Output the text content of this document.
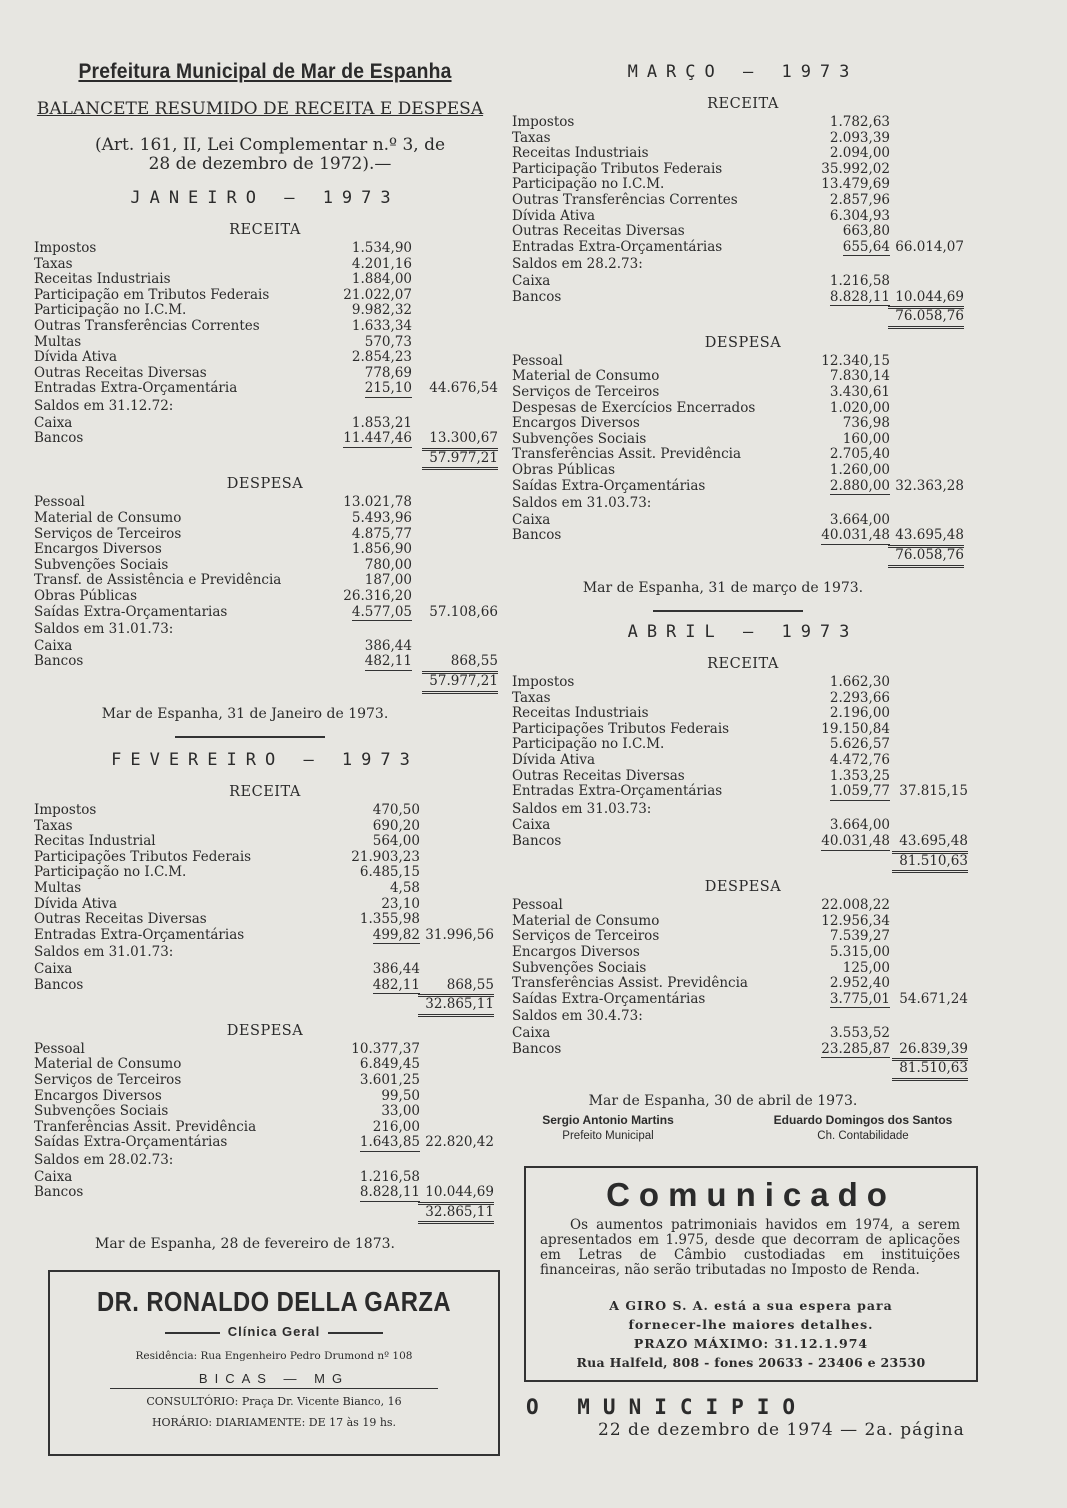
Prefeitura Municipal de Mar de Espanha
BALANCETE RESUMIDO DE RECEITA E DESPESA
(Art. 161, II, Lei Complementar n.º 3, de
28 de dezembro de 1972).—
DR. RONALDO DELLA GARZA
Clínica Geral
Residência: Rua Engenheiro Pedro Drumond nº 108
BICAS — MG
CONSULTÓRIO: Praça Dr. Vicente Bianco, 16
HORÁRIO: DIARIAMENTE: DE 17 às 19 hs.
JANEIRO — 1973
RECEITA
Impostos	1.534,90
Taxas	4.201,16
Receitas Industriais	1.884,00
Participação em Tributos Federais	21.022,07
Participação no I.C.M.	9.982,32
Outras Transferências Correntes	1.633,34
Multas	570,73
Dívida Ativa	2.854,23
Outras Receitas Diversas	778,69
Entradas Extra-Orçamentária	215,10 44.676,54
Saldos em 31.12.72:
Caixa	1.853,21
Bancos	11.447,46 13.300,67
57.977,21
DESPESA
Pessoal	13.021,78
Material de Consumo	5.493,96
Serviços de Terceiros	4.875,77
Encargos Diversos	1.856,90
Subvenções Sociais	780,00
Transf. de Assistência e Previdência	187,00
Obras Públicas	26.316,20
Saídas Extra-Orçamentarias	4.577,05 57.108,66
Saldos em 31.01.73:
Caixa	386,44
Bancos	482,11	868,55
57.977,21
Mar de Espanha, 31 de Janeiro de 1973.
FEVEREIRO — 1973
RECEITA
Impostos	470,50
Taxas	690,20
Recitas Industrial	564,00
Participações Tributos Federais	21.903,23
Participação no I.C.M.	6.485,15
Multas	4,58
Dívida Ativa	23,10
Outras Receitas Diversas	1.355,98
Entradas Extra-Orçamentárias	499,82 31.996,56
Saldos em 31.01.73:
Caixa	386,44
Bancos	482,11 868,55
32.865,11
DESPESA
Pessoal	10.377,37
Material de Consumo	6.849,45
Serviços de Terceiros	3.601,25
Encargos Diversos	99,50
Subvenções Sociais	33,00
Tranferências Assit. Previdência	216,00
Saídas Extra-Orçamentárias	1.643,85 22.820,42
Saldos em 28.02.73:
Caixa	1.216,58
Bancos	8.828,11 10.044,69
32.865,11
Mar de Espanha, 28 de fevereiro de 1873.
Sergio Antonio Martins
Prefeito Municipal
Eduardo Domingos dos Santos
Ch. Contabilidade
Comunicado
Os aumentos patrimoniais havidos em 1974, a serem apresentados em 1.975, desde que decorram de aplicações em Letras de Câmbio custodiadas em instituições financeiras, não serão tributadas no Imposto de Renda.
A GIRO S. A. está a sua espera para
fornecer-lhe maiores detalhes.
PRAZO MÁXIMO: 31.12.1.974
Rua Halfeld, 808 - fones 20633 - 23406 e 23530
O MUNICIPIO
22 de dezembro de 1974 — 2a. página
MARÇO — 1973
RECEITA
Impostos	1.782,63
Taxas	2.093,39
Receitas Industriais	2.094,00
Participação Tributos Federais	35.992,02
Participação no I.C.M.	13.479,69
Outras Transferências Correntes	2.857,96
Dívida Ativa	6.304,93
Outras Receitas Diversas	663,80
Entradas Extra-Orçamentárias	655,64 66.014,07
Saldos em 28.2.73:
Caixa	1.216,58
Bancos	8.828,11 10.044,69
76.058,76
DESPESA
Pessoal	12.340,15
Material de Consumo	7.830,14
Serviços de Terceiros	3.430,61
Despesas de Exercícios Encerrados	1.020,00
Encargos Diversos	736,98
Subvenções Sociais	160,00
Transferências Assit. Previdência	2.705,40
Obras Públicas	1.260,00
Saídas Extra-Orçamentárias	2.880,00 32.363,28
Saldos em 31.03.73:
Caixa	3.664,00
Bancos	40.031,48 43.695,48
76.058,76
Mar de Espanha, 31 de março de 1973.
ABRIL — 1973
RECEITA
Impostos	1.662,30
Taxas	2.293,66
Receitas Industriais	2.196,00
Participações Tributos Federais	19.150,84
Participação no I.C.M.	5.626,57
Dívida Ativa	4.472,76
Outras Receitas Diversas	1.353,25
Entradas Extra-Orçamentárias	1.059,77 37.815,15
Saldos em 31.03.73:
Caixa	3.664,00
Bancos	40.031,48 43.695,48
81.510,63
DESPESA
Pessoal	22.008,22
Material de Consumo	12.956,34
Serviços de Terceiros	7.539,27
Encargos Diversos	5.315,00
Subvenções Sociais	125,00
Transferências Assist. Previdência	2.952,40
Saídas Extra-Orçamentárias	3.775,01 54.671,24
Saldos em 30.4.73:
Caixa	3.553,52
Bancos	23.285,87 26.839,39
81.510,63
Mar de Espanha, 30 de abril de 1973.
